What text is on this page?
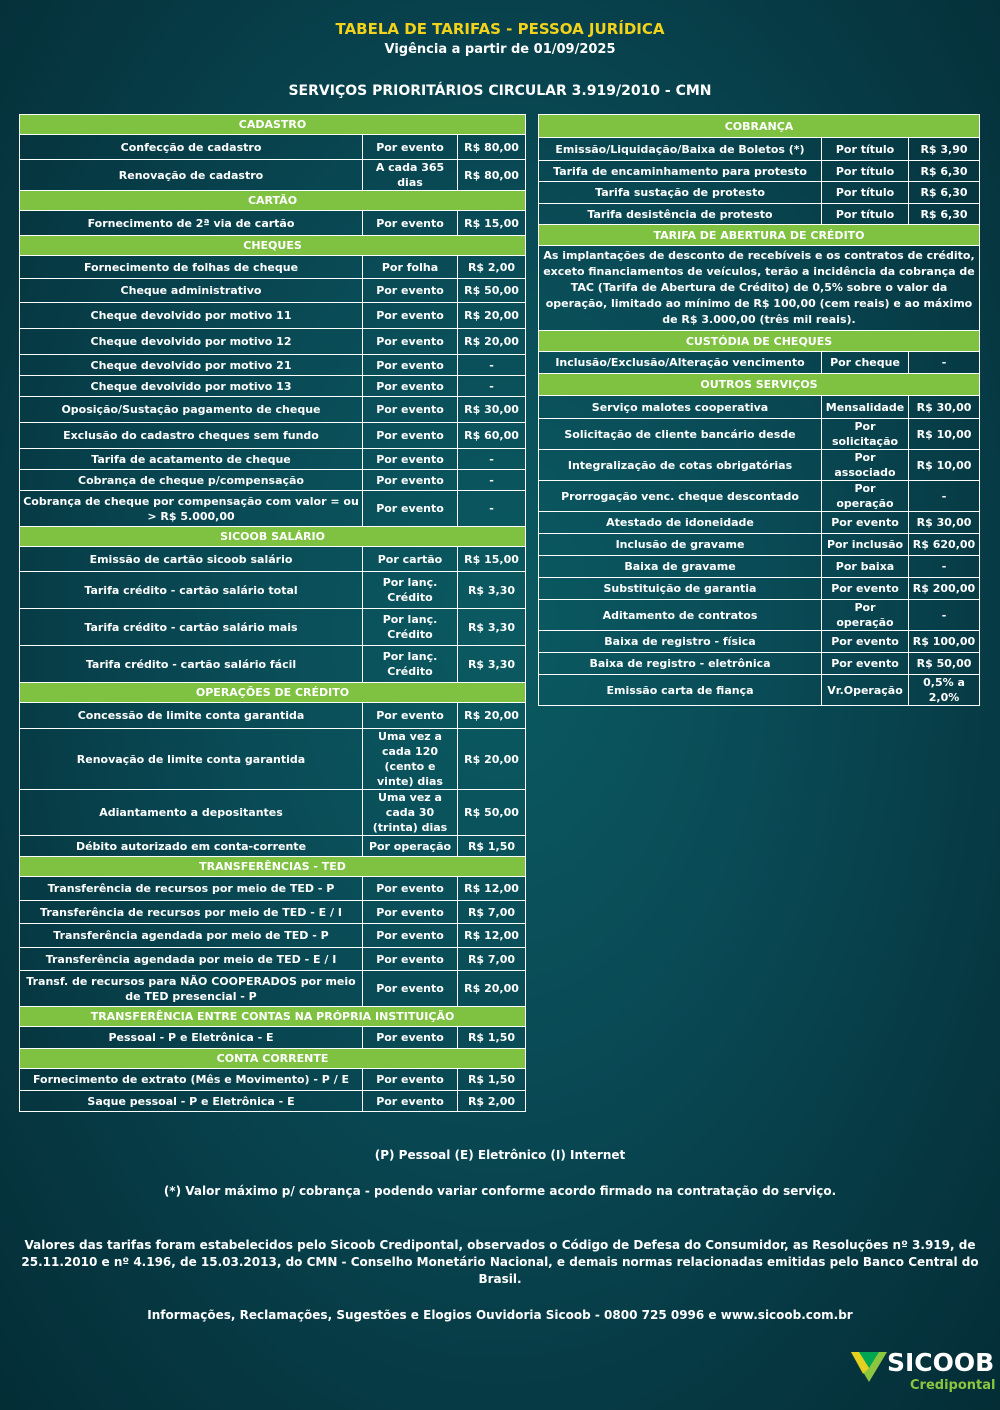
TABELA DE TARIFAS - PESSOA JURÍDICA
Vigência a partir de 01/09/2025
SERVIÇOS PRIORITÁRIOS CIRCULAR 3.919/2010 - CMN
CADASTRO		
Confecção de cadastro	Por evento	R$ 80,00
Renovação de cadastro	A cada 365 dias	R$ 80,00
CARTÃO		
Fornecimento de 2ª via de cartão	Por evento	R$ 15,00
CHEQUES		
Fornecimento de folhas de cheque	Por folha	R$ 2,00
Cheque administrativo	Por evento	R$ 50,00
Cheque devolvido por motivo 11	Por evento	R$ 20,00
Cheque devolvido por motivo 12	Por evento	R$ 20,00
Cheque devolvido por motivo 21	Por evento	-
Cheque devolvido por motivo 13	Por evento	-
Oposição/Sustação pagamento de cheque	Por evento	R$ 30,00
Exclusão do cadastro cheques sem fundo	Por evento	R$ 60,00
Tarifa de acatamento de cheque	Por evento	-
Cobrança de cheque p/compensação	Por evento	-
Cobrança de cheque por compensação com valor = ou > R$ 5.000,00	Por evento	-
SICOOB SALÁRIO		
Emissão de cartão sicoob salário	Por cartão	R$ 15,00
Tarifa crédito - cartão salário total	Por lanç. Crédito	R$ 3,30
Tarifa crédito - cartão salário mais	Por lanç. Crédito	R$ 3,30
Tarifa crédito - cartão salário fácil	Por lanç. Crédito	R$ 3,30
OPERAÇÕES DE CRÉDITO		
Concessão de limite conta garantida	Por evento	R$ 20,00
Renovação de limite conta garantida	Uma vez a cada 120 (cento e vinte) dias	R$ 20,00
Adiantamento a depositantes	Uma vez a cada 30 (trinta) dias	R$ 50,00
Débito autorizado em conta-corrente	Por operação	R$ 1,50
TRANSFERÊNCIAS - TED		
Transferência de recursos por meio de TED - P	Por evento	R$ 12,00
Transferência de recursos por meio de TED - E / I	Por evento	R$ 7,00
Transferência agendada por meio de TED - P	Por evento	R$ 12,00
Transferência agendada por meio de TED - E / I	Por evento	R$ 7,00
Transf. de recursos para NÃO COOPERADOS por meio de TED presencial - P	Por evento	R$ 20,00
TRANSFERÊNCIA ENTRE CONTAS NA PRÓPRIA INSTITUIÇÃO		
Pessoal - P e Eletrônica - E	Por evento	R$ 1,50
CONTA CORRENTE		
Fornecimento de extrato (Mês e Movimento) - P / E	Por evento	R$ 1,50
Saque pessoal - P e Eletrônica - E	Por evento	R$ 2,00
COBRANÇA		
Emissão/Liquidação/Baixa de Boletos (*)	Por título	R$ 3,90
Tarifa de encaminhamento para protesto	Por título	R$ 6,30
Tarifa sustação de protesto	Por título	R$ 6,30
Tarifa desistência de protesto	Por título	R$ 6,30
TARIFA DE ABERTURA DE CRÉDITO		
As implantações de desconto de recebíveis e os contratos de crédito, exceto financiamentos de veículos, terão a incidência da cobrança de TAC (Tarifa de Abertura de Crédito) de 0,5% sobre o valor da operação, limitado ao mínimo de R$ 100,00 (cem reais) e ao máximo de R$ 3.000,00 (três mil reais).		
CUSTÓDIA DE CHEQUES		
Inclusão/Exclusão/Alteração vencimento	Por cheque	-
OUTROS SERVIÇOS		
Serviço malotes cooperativa	Mensalidade	R$ 30,00
Solicitação de cliente bancário desde	Por solicitação	R$ 10,00
Integralização de cotas obrigatórias	Por associado	R$ 10,00
Prorrogação venc. cheque descontado	Por operação	-
Atestado de idoneidade	Por evento	R$ 30,00
Inclusão de gravame	Por inclusão	R$ 620,00
Baixa de gravame	Por baixa	-
Substituição de garantia	Por evento	R$ 200,00
Aditamento de contratos	Por operação	-
Baixa de registro - física	Por evento	R$ 100,00
Baixa de registro - eletrônica	Por evento	R$ 50,00
Emissão carta de fiança	Vr.Operação	0,5% a 2,0%
(P) Pessoal (E) Eletrônico (I) Internet
(*) Valor máximo p/ cobrança - podendo variar conforme acordo firmado na contratação do serviço.
Valores das tarifas foram estabelecidos pelo Sicoob Credipontal, observados o Código de Defesa do Consumidor, as Resoluções nº 3.919, de 25.11.2010 e nº 4.196, de 15.03.2013, do CMN - Conselho Monetário Nacional, e demais normas relacionadas emitidas pelo Banco Central do Brasil.
Informações, Reclamações, Sugestões e Elogios Ouvidoria Sicoob - 0800 725 0996 e www.sicoob.com.br
SICOOB
Credipontal
